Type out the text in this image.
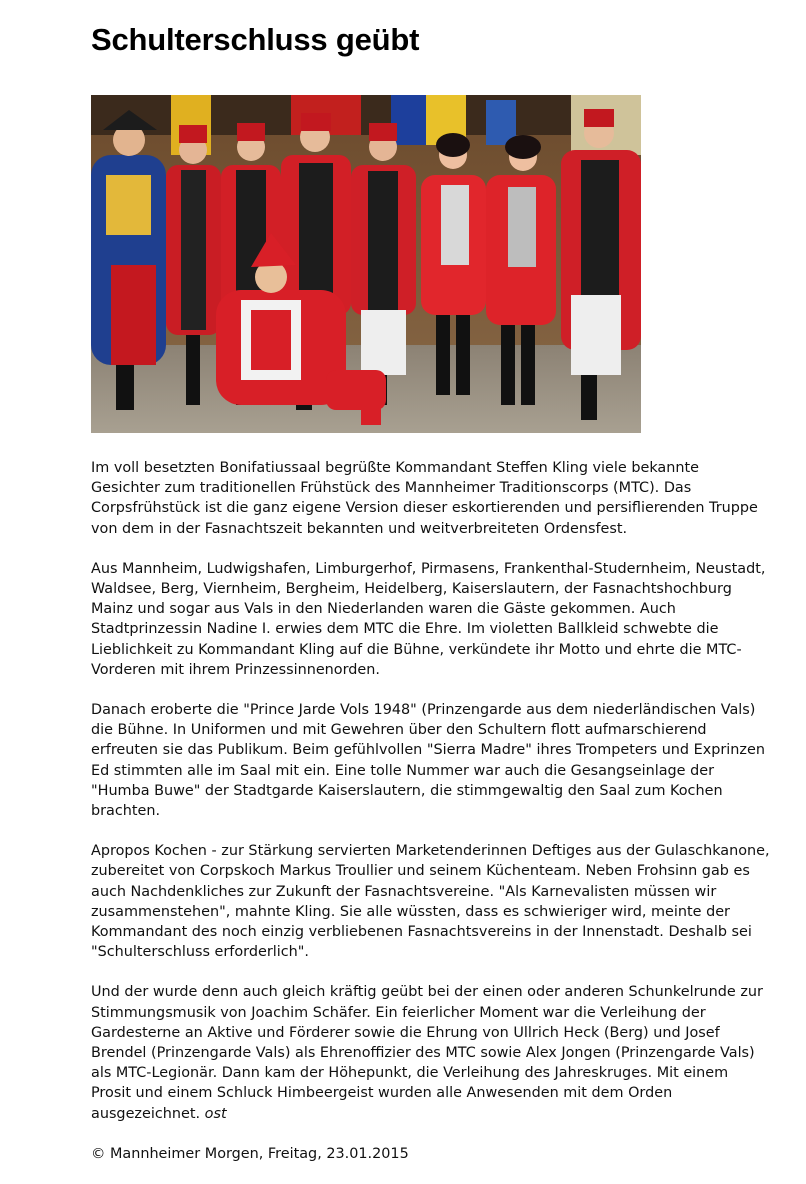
Schulterschluss geübt

Im voll besetzten Bonifatiussaal begrüßte Kommandant Steffen Kling viele bekannte Gesichter zum traditionellen Frühstück des Mannheimer Traditionscorps (MTC). Das Corpsfrühstück ist die ganz eigene Version dieser eskortierenden und persiflierenden Truppe von dem in der Fasnachtszeit bekannten und weitverbreiteten Ordensfest.

Aus Mannheim, Ludwigshafen, Limburgerhof, Pirmasens, Frankenthal-Studernheim, Neustadt, Waldsee, Berg, Viernheim, Bergheim, Heidelberg, Kaiserslautern, der Fasnachtshochburg Mainz und sogar aus Vals in den Niederlanden waren die Gäste gekommen. Auch Stadtprinzessin Nadine I. erwies dem MTC die Ehre. Im violetten Ballkleid schwebte die Lieblichkeit zu Kommandant Kling auf die Bühne, verkündete ihr Motto und ehrte die MTC-Vorderen mit ihrem Prinzessinnenorden.

Danach eroberte die "Prince Jarde Vols 1948" (Prinzengarde aus dem niederländischen Vals) die Bühne. In Uniformen und mit Gewehren über den Schultern flott aufmarschierend erfreuten sie das Publikum. Beim gefühlvollen "Sierra Madre" ihres Trompeters und Exprinzen Ed stimmten alle im Saal mit ein. Eine tolle Nummer war auch die Gesangseinlage der "Humba Buwe" der Stadtgarde Kaiserslautern, die stimmgewaltig den Saal zum Kochen brachten.

Apropos Kochen - zur Stärkung servierten Marketenderinnen Deftiges aus der Gulaschkanone, zubereitet von Corpskoch Markus Troullier und seinem Küchenteam. Neben Frohsinn gab es auch Nachdenkliches zur Zukunft der Fasnachtsvereine. "Als Karnevalisten müssen wir zusammenstehen", mahnte Kling. Sie alle wüssten, dass es schwieriger wird, meinte der Kommandant des noch einzig verbliebenen Fasnachtsvereins in der Innenstadt. Deshalb sei "Schulterschluss erforderlich".

Und der wurde denn auch gleich kräftig geübt bei der einen oder anderen Schunkelrunde zur Stimmungsmusik von Joachim Schäfer. Ein feierlicher Moment war die Verleihung der Gardesterne an Aktive und Förderer sowie die Ehrung von Ullrich Heck (Berg) und Josef Brendel (Prinzengarde Vals) als Ehrenoffizier des MTC sowie Alex Jongen (Prinzengarde Vals) als MTC-Legionär. Dann kam der Höhepunkt, die Verleihung des Jahreskruges. Mit einem Prosit und einem Schluck Himbeergeist wurden alle Anwesenden mit dem Orden ausgezeichnet. ost

© Mannheimer Morgen, Freitag, 23.01.2015
